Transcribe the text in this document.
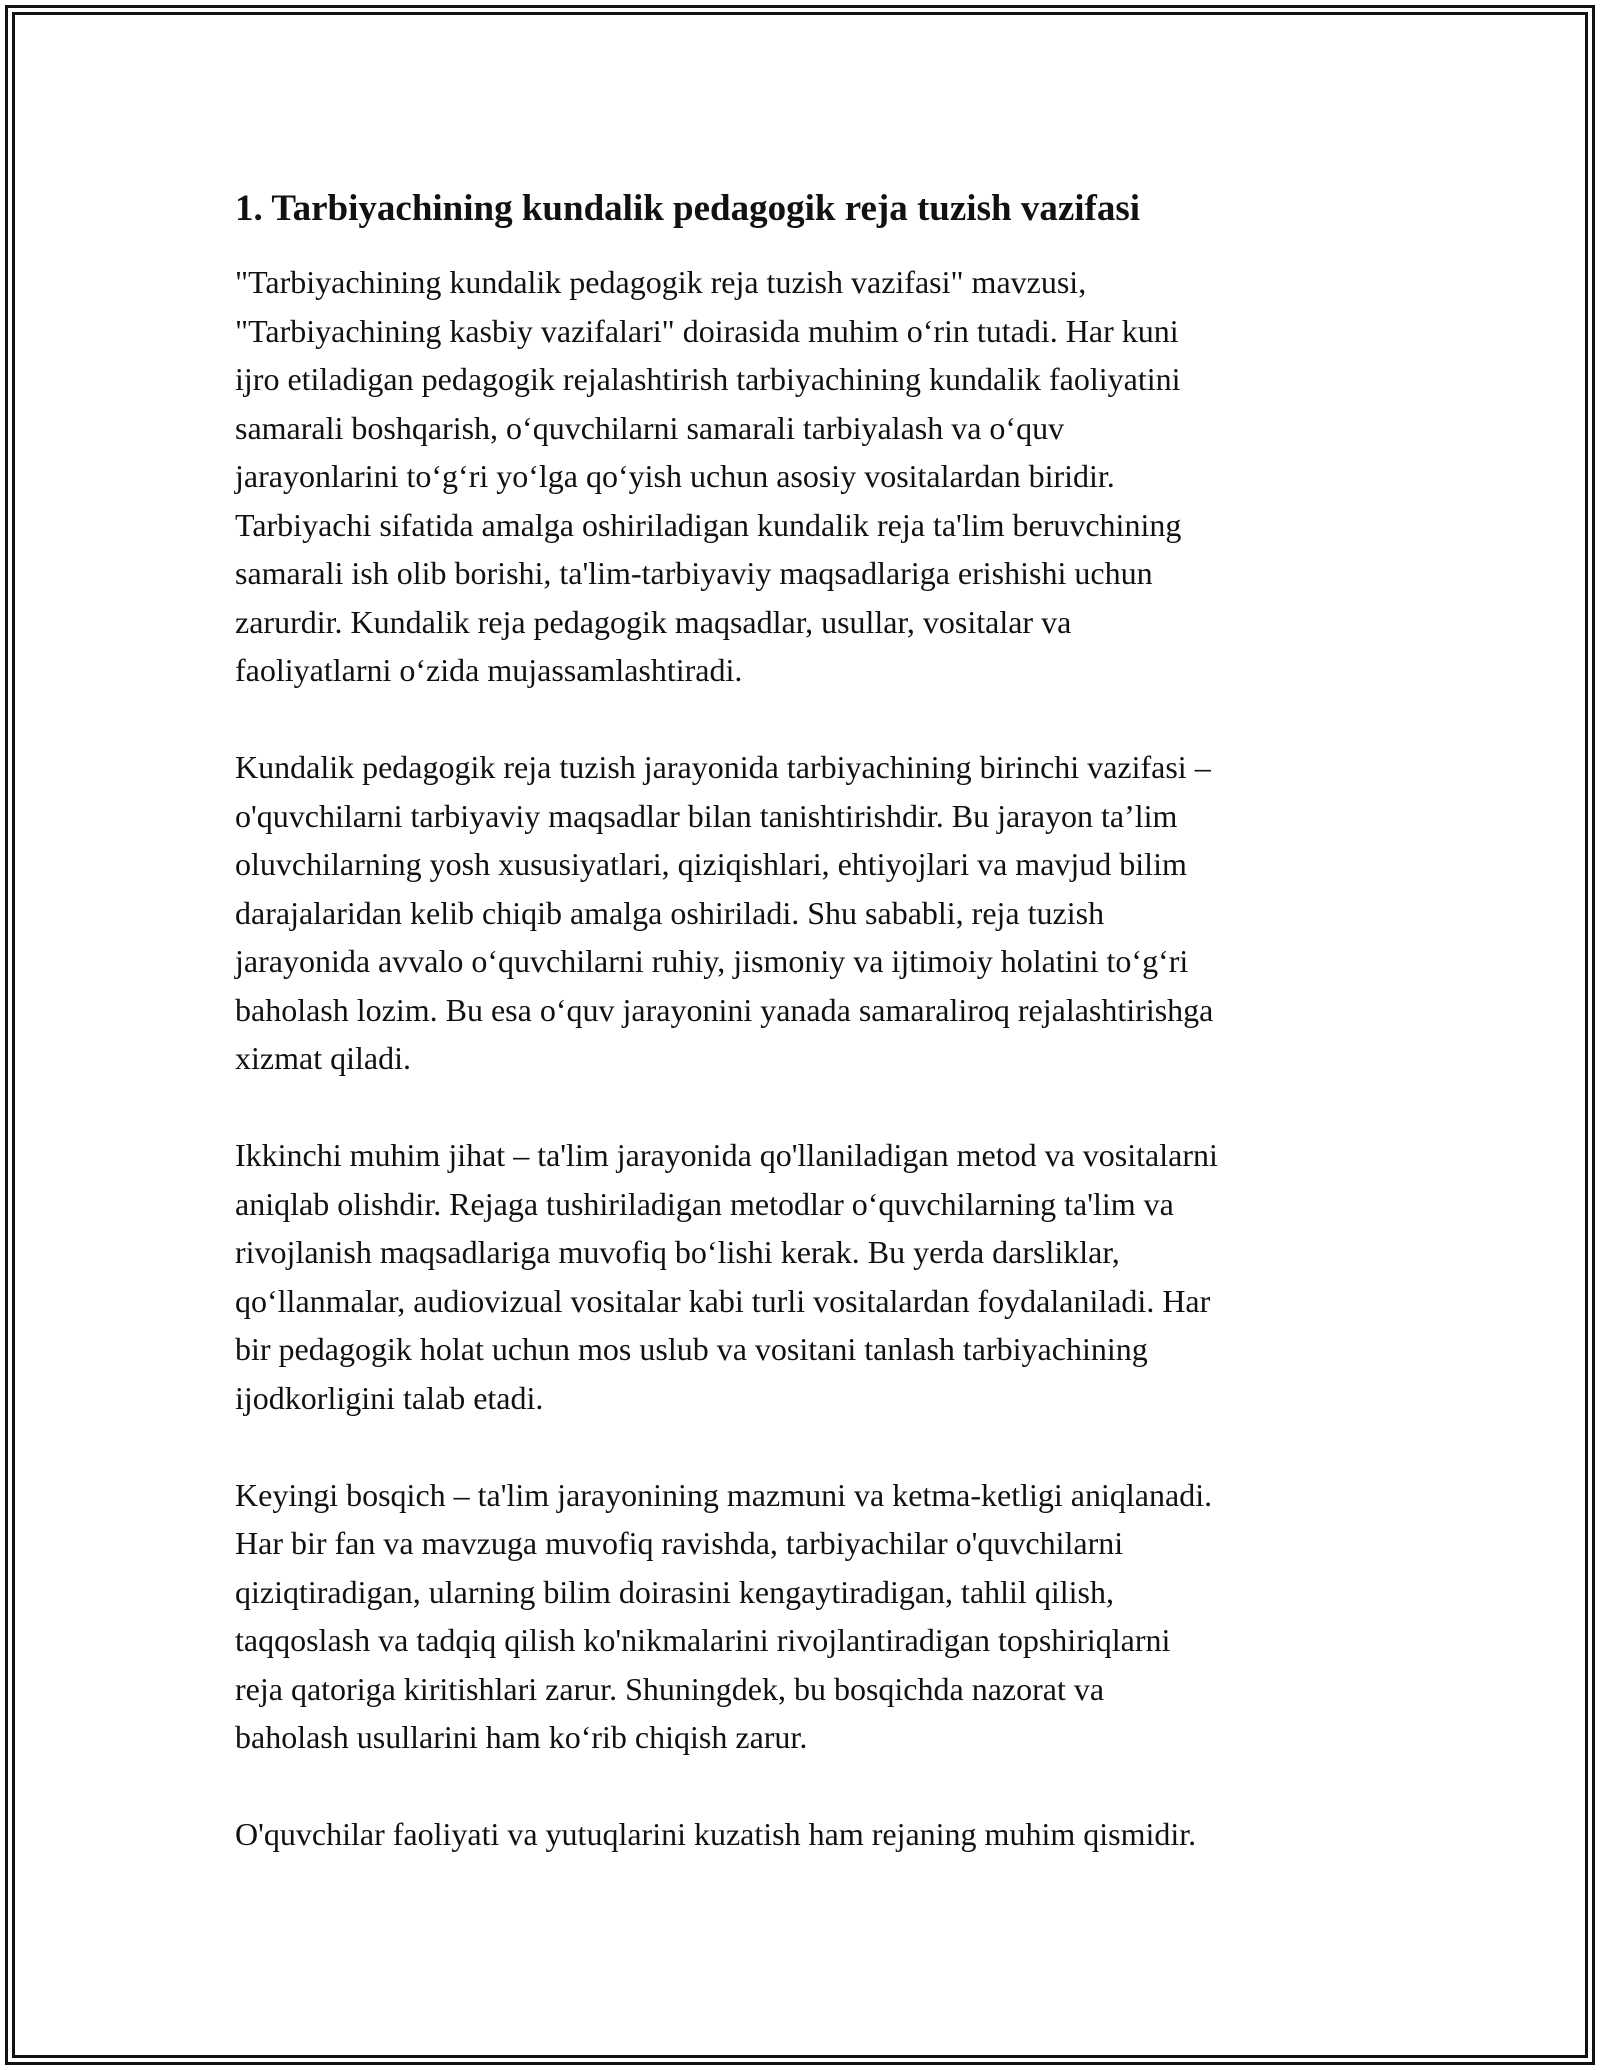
1. Tarbiyachining kundalik pedagogik reja tuzish vazifasi
"Tarbiyachining kundalik pedagogik reja tuzish vazifasi" mavzusi,
"Tarbiyachining kasbiy vazifalari" doirasida muhim o‘rin tutadi. Har kuni
ijro etiladigan pedagogik rejalashtirish tarbiyachining kundalik faoliyatini
samarali boshqarish, o‘quvchilarni samarali tarbiyalash va o‘quv
jarayonlarini to‘g‘ri yo‘lga qo‘yish uchun asosiy vositalardan biridir.
Tarbiyachi sifatida amalga oshiriladigan kundalik reja ta'lim beruvchining
samarali ish olib borishi, ta'lim-tarbiyaviy maqsadlariga erishishi uchun
zarurdir. Kundalik reja pedagogik maqsadlar, usullar, vositalar va
faoliyatlarni o‘zida mujassamlashtiradi.
Kundalik pedagogik reja tuzish jarayonida tarbiyachining birinchi vazifasi –
o'quvchilarni tarbiyaviy maqsadlar bilan tanishtirishdir. Bu jarayon ta’lim
oluvchilarning yosh xususiyatlari, qiziqishlari, ehtiyojlari va mavjud bilim
darajalaridan kelib chiqib amalga oshiriladi. Shu sababli, reja tuzish
jarayonida avvalo o‘quvchilarni ruhiy, jismoniy va ijtimoiy holatini to‘g‘ri
baholash lozim. Bu esa o‘quv jarayonini yanada samaraliroq rejalashtirishga
xizmat qiladi.
Ikkinchi muhim jihat – ta'lim jarayonida qo'llaniladigan metod va vositalarni
aniqlab olishdir. Rejaga tushiriladigan metodlar o‘quvchilarning ta'lim va
rivojlanish maqsadlariga muvofiq bo‘lishi kerak. Bu yerda darsliklar,
qo‘llanmalar, audiovizual vositalar kabi turli vositalardan foydalaniladi. Har
bir pedagogik holat uchun mos uslub va vositani tanlash tarbiyachining
ijodkorligini talab etadi.
Keyingi bosqich – ta'lim jarayonining mazmuni va ketma-ketligi aniqlanadi.
Har bir fan va mavzuga muvofiq ravishda, tarbiyachilar o'quvchilarni
qiziqtiradigan, ularning bilim doirasini kengaytiradigan, tahlil qilish,
taqqoslash va tadqiq qilish ko'nikmalarini rivojlantiradigan topshiriqlarni
reja qatoriga kiritishlari zarur. Shuningdek, bu bosqichda nazorat va
baholash usullarini ham ko‘rib chiqish zarur.
O'quvchilar faoliyati va yutuqlarini kuzatish ham rejaning muhim qismidir.
